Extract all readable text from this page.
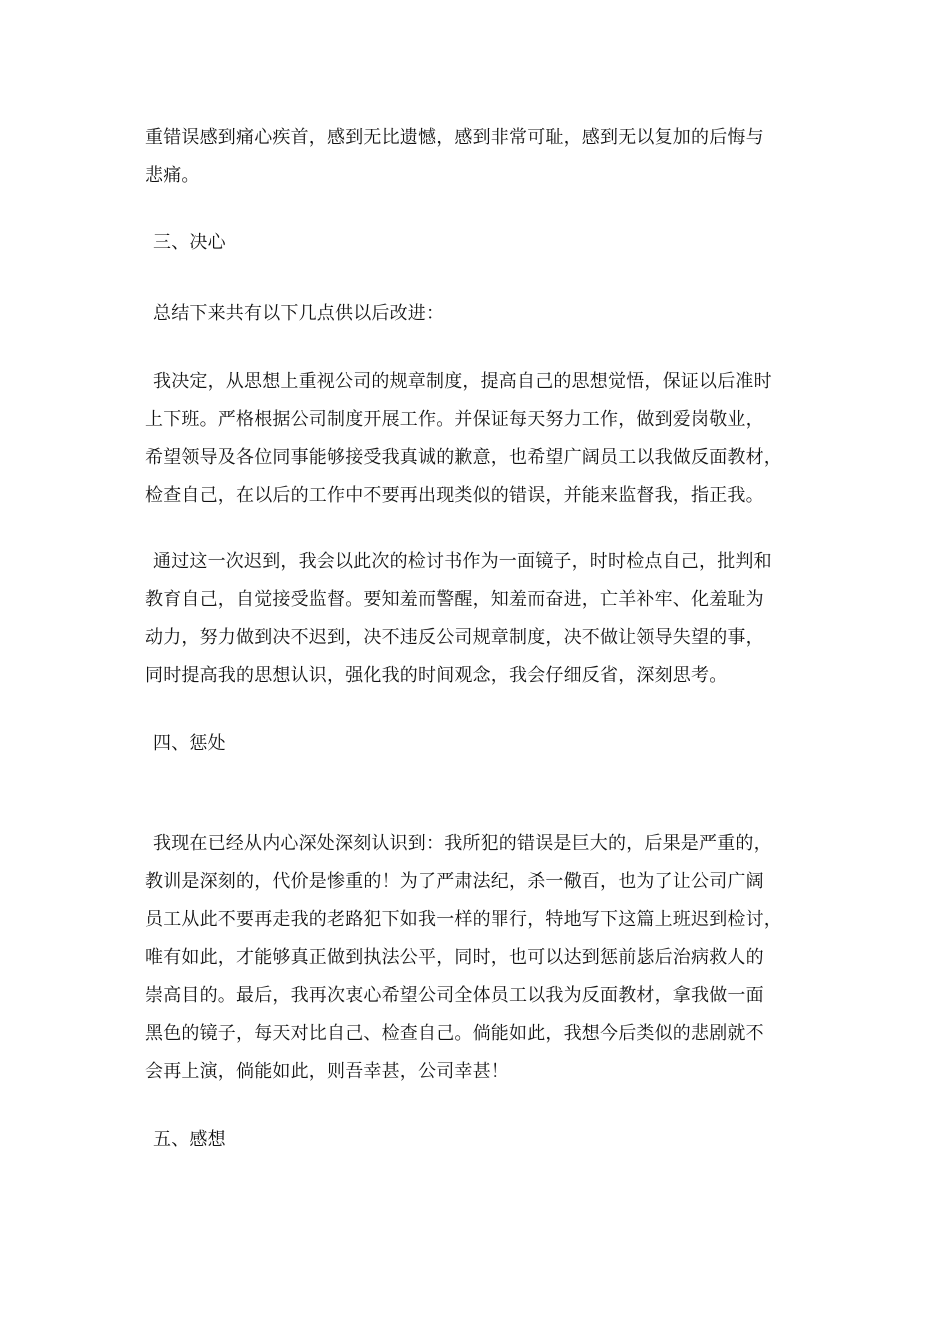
重错误感到痛心疾首，感到无比遗憾，感到非常可耻，感到无以复加的后悔与
悲痛。
三、决心
总结下来共有以下几点供以后改进：
我决定，从思想上重视公司的规章制度，提高自己的思想觉悟，保证以后准时
上下班。严格根据公司制度开展工作。并保证每天努力工作，做到爱岗敬业，
希望领导及各位同事能够接受我真诚的歉意，也希望广阔员工以我做反面教材，
检查自己，在以后的工作中不要再出现类似的错误，并能来监督我，指正我。
通过这一次迟到，我会以此次的检讨书作为一面镜子，时时检点自己，批判和
教育自己，自觉接受监督。要知羞而警醒，知羞而奋进，亡羊补牢、化羞耻为
动力，努力做到决不迟到，决不违反公司规章制度，决不做让领导失望的事，
同时提高我的思想认识，强化我的时间观念，我会仔细反省，深刻思考。
四、惩处
我现在已经从内心深处深刻认识到：我所犯的错误是巨大的，后果是严重的，
教训是深刻的，代价是惨重的！为了严肃法纪，杀一儆百，也为了让公司广阔
员工从此不要再走我的老路犯下如我一样的罪行，特地写下这篇上班迟到检讨，
唯有如此，才能够真正做到执法公平，同时，也可以达到惩前毖后治病救人的
崇高目的。最后，我再次衷心希望公司全体员工以我为反面教材，拿我做一面
黑色的镜子，每天对比自己、检查自己。倘能如此，我想今后类似的悲剧就不
会再上演，倘能如此，则吾幸甚，公司幸甚！
五、感想
